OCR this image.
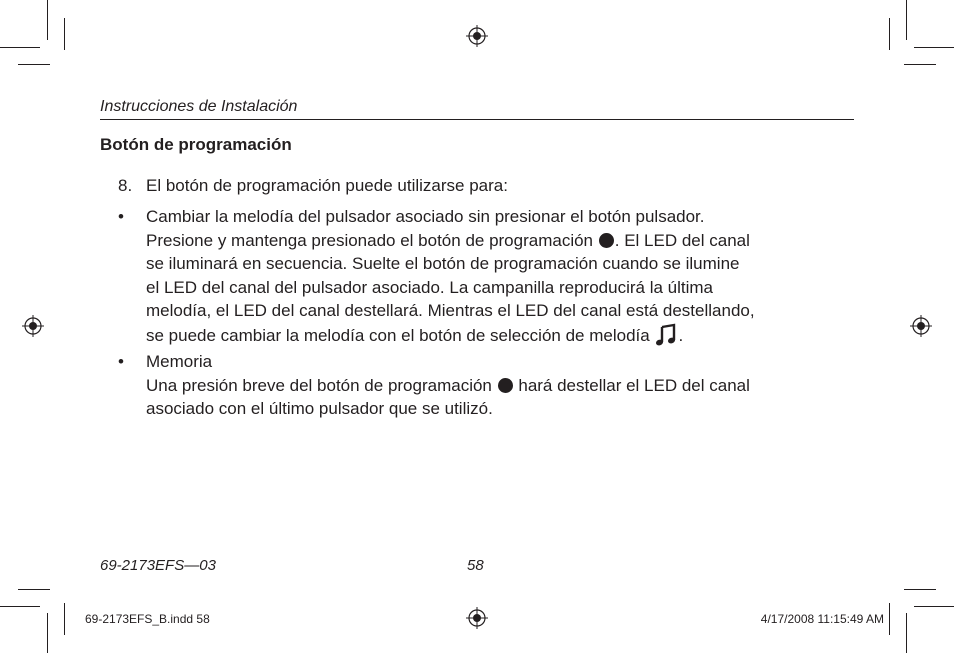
Instrucciones de Instalación
Botón de programación
8. El botón de programación puede utilizarse para:
• Cambiar la melodía del pulsador asociado sin presionar el botón pulsador.
Presione y mantenga presionado el botón de programación . El LED del canal
se iluminará en secuencia. Suelte el botón de programación cuando se ilumine
el LED del canal del pulsador asociado. La campanilla reproducirá la última
melodía, el LED del canal destellará. Mientras el LED del canal está destellando,
se puede cambiar la melodía con el botón de selección de melodía .
• Memoria
Una presión breve del botón de programación hará destellar el LED del canal
asociado con el último pulsador que se utilizó.
69-2173EFS—03	58
69-2173EFS_B.indd 58	4/17/2008 11:15:49 AM
